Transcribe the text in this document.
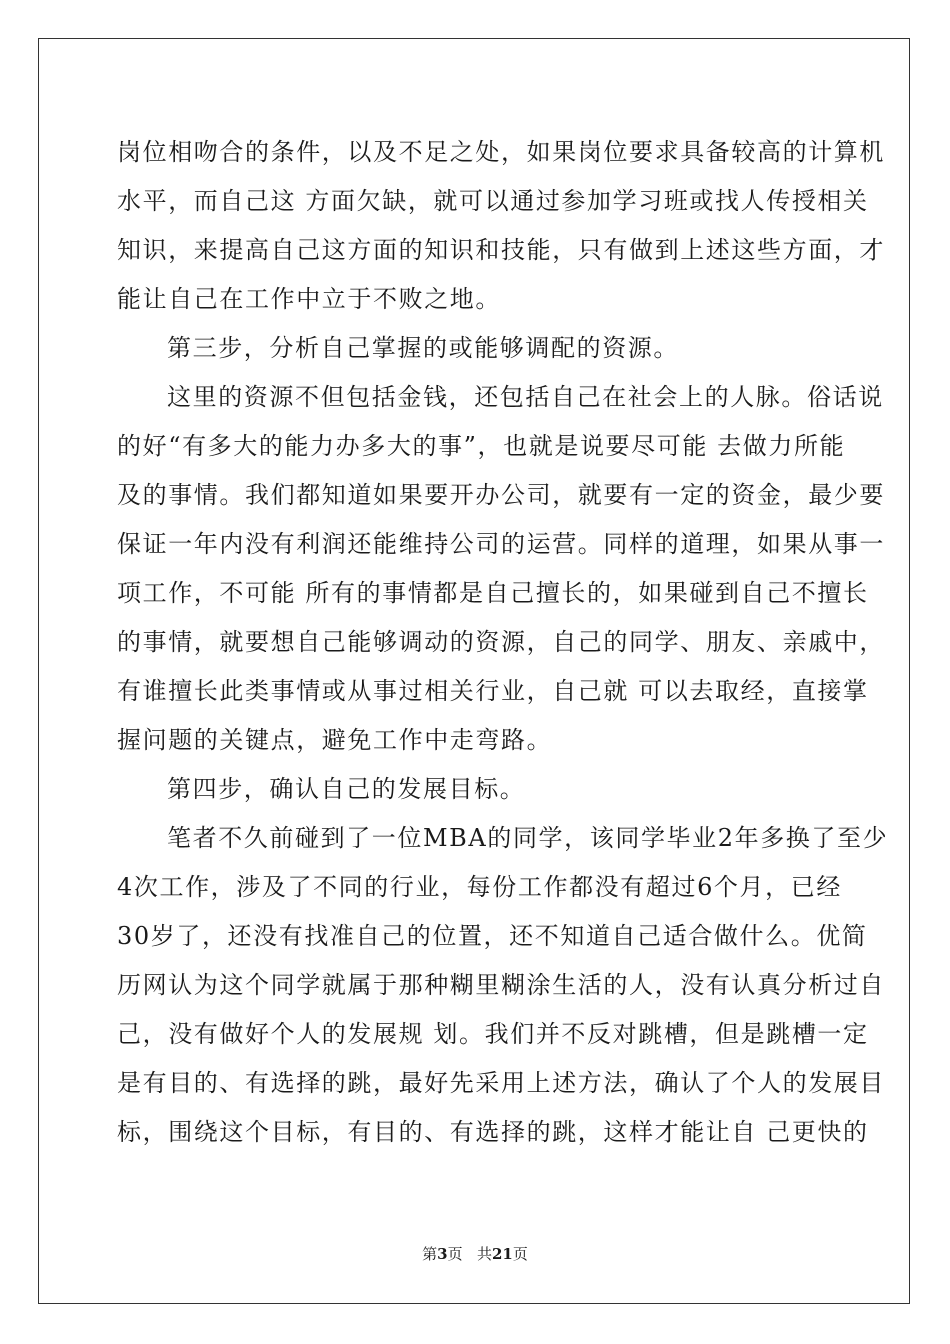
岗位相吻合的条件，以及不足之处，如果岗位要求具备较高的计算机
水平，而自己这 方面欠缺，就可以通过参加学习班或找人传授相关
知识，来提高自己这方面的知识和技能，只有做到上述这些方面，才
能让自己在工作中立于不败之地。
第三步，分析自己掌握的或能够调配的资源。
这里的资源不但包括金钱，还包括自己在社会上的人脉。俗话说
的好“有多大的能力办多大的事”，也就是说要尽可能 去做力所能
及的事情。我们都知道如果要开办公司，就要有一定的资金，最少要
保证一年内没有利润还能维持公司的运营。同样的道理，如果从事一
项工作，不可能 所有的事情都是自己擅长的，如果碰到自己不擅长
的事情，就要想自己能够调动的资源，自己的同学、朋友、亲戚中，
有谁擅长此类事情或从事过相关行业，自己就 可以去取经，直接掌
握问题的关键点，避免工作中走弯路。
第四步，确认自己的发展目标。
笔者不久前碰到了一位MBA的同学，该同学毕业2年多换了至少
4次工作，涉及了不同的行业，每份工作都没有超过6个月，已经
30岁了，还没有找准自己的位置，还不知道自己适合做什么。优简
历网认为这个同学就属于那种糊里糊涂生活的人，没有认真分析过自
己，没有做好个人的发展规 划。我们并不反对跳槽，但是跳槽一定
是有目的、有选择的跳，最好先采用上述方法，确认了个人的发展目
标，围绕这个目标，有目的、有选择的跳，这样才能让自 己更快的
第3页 共21页
